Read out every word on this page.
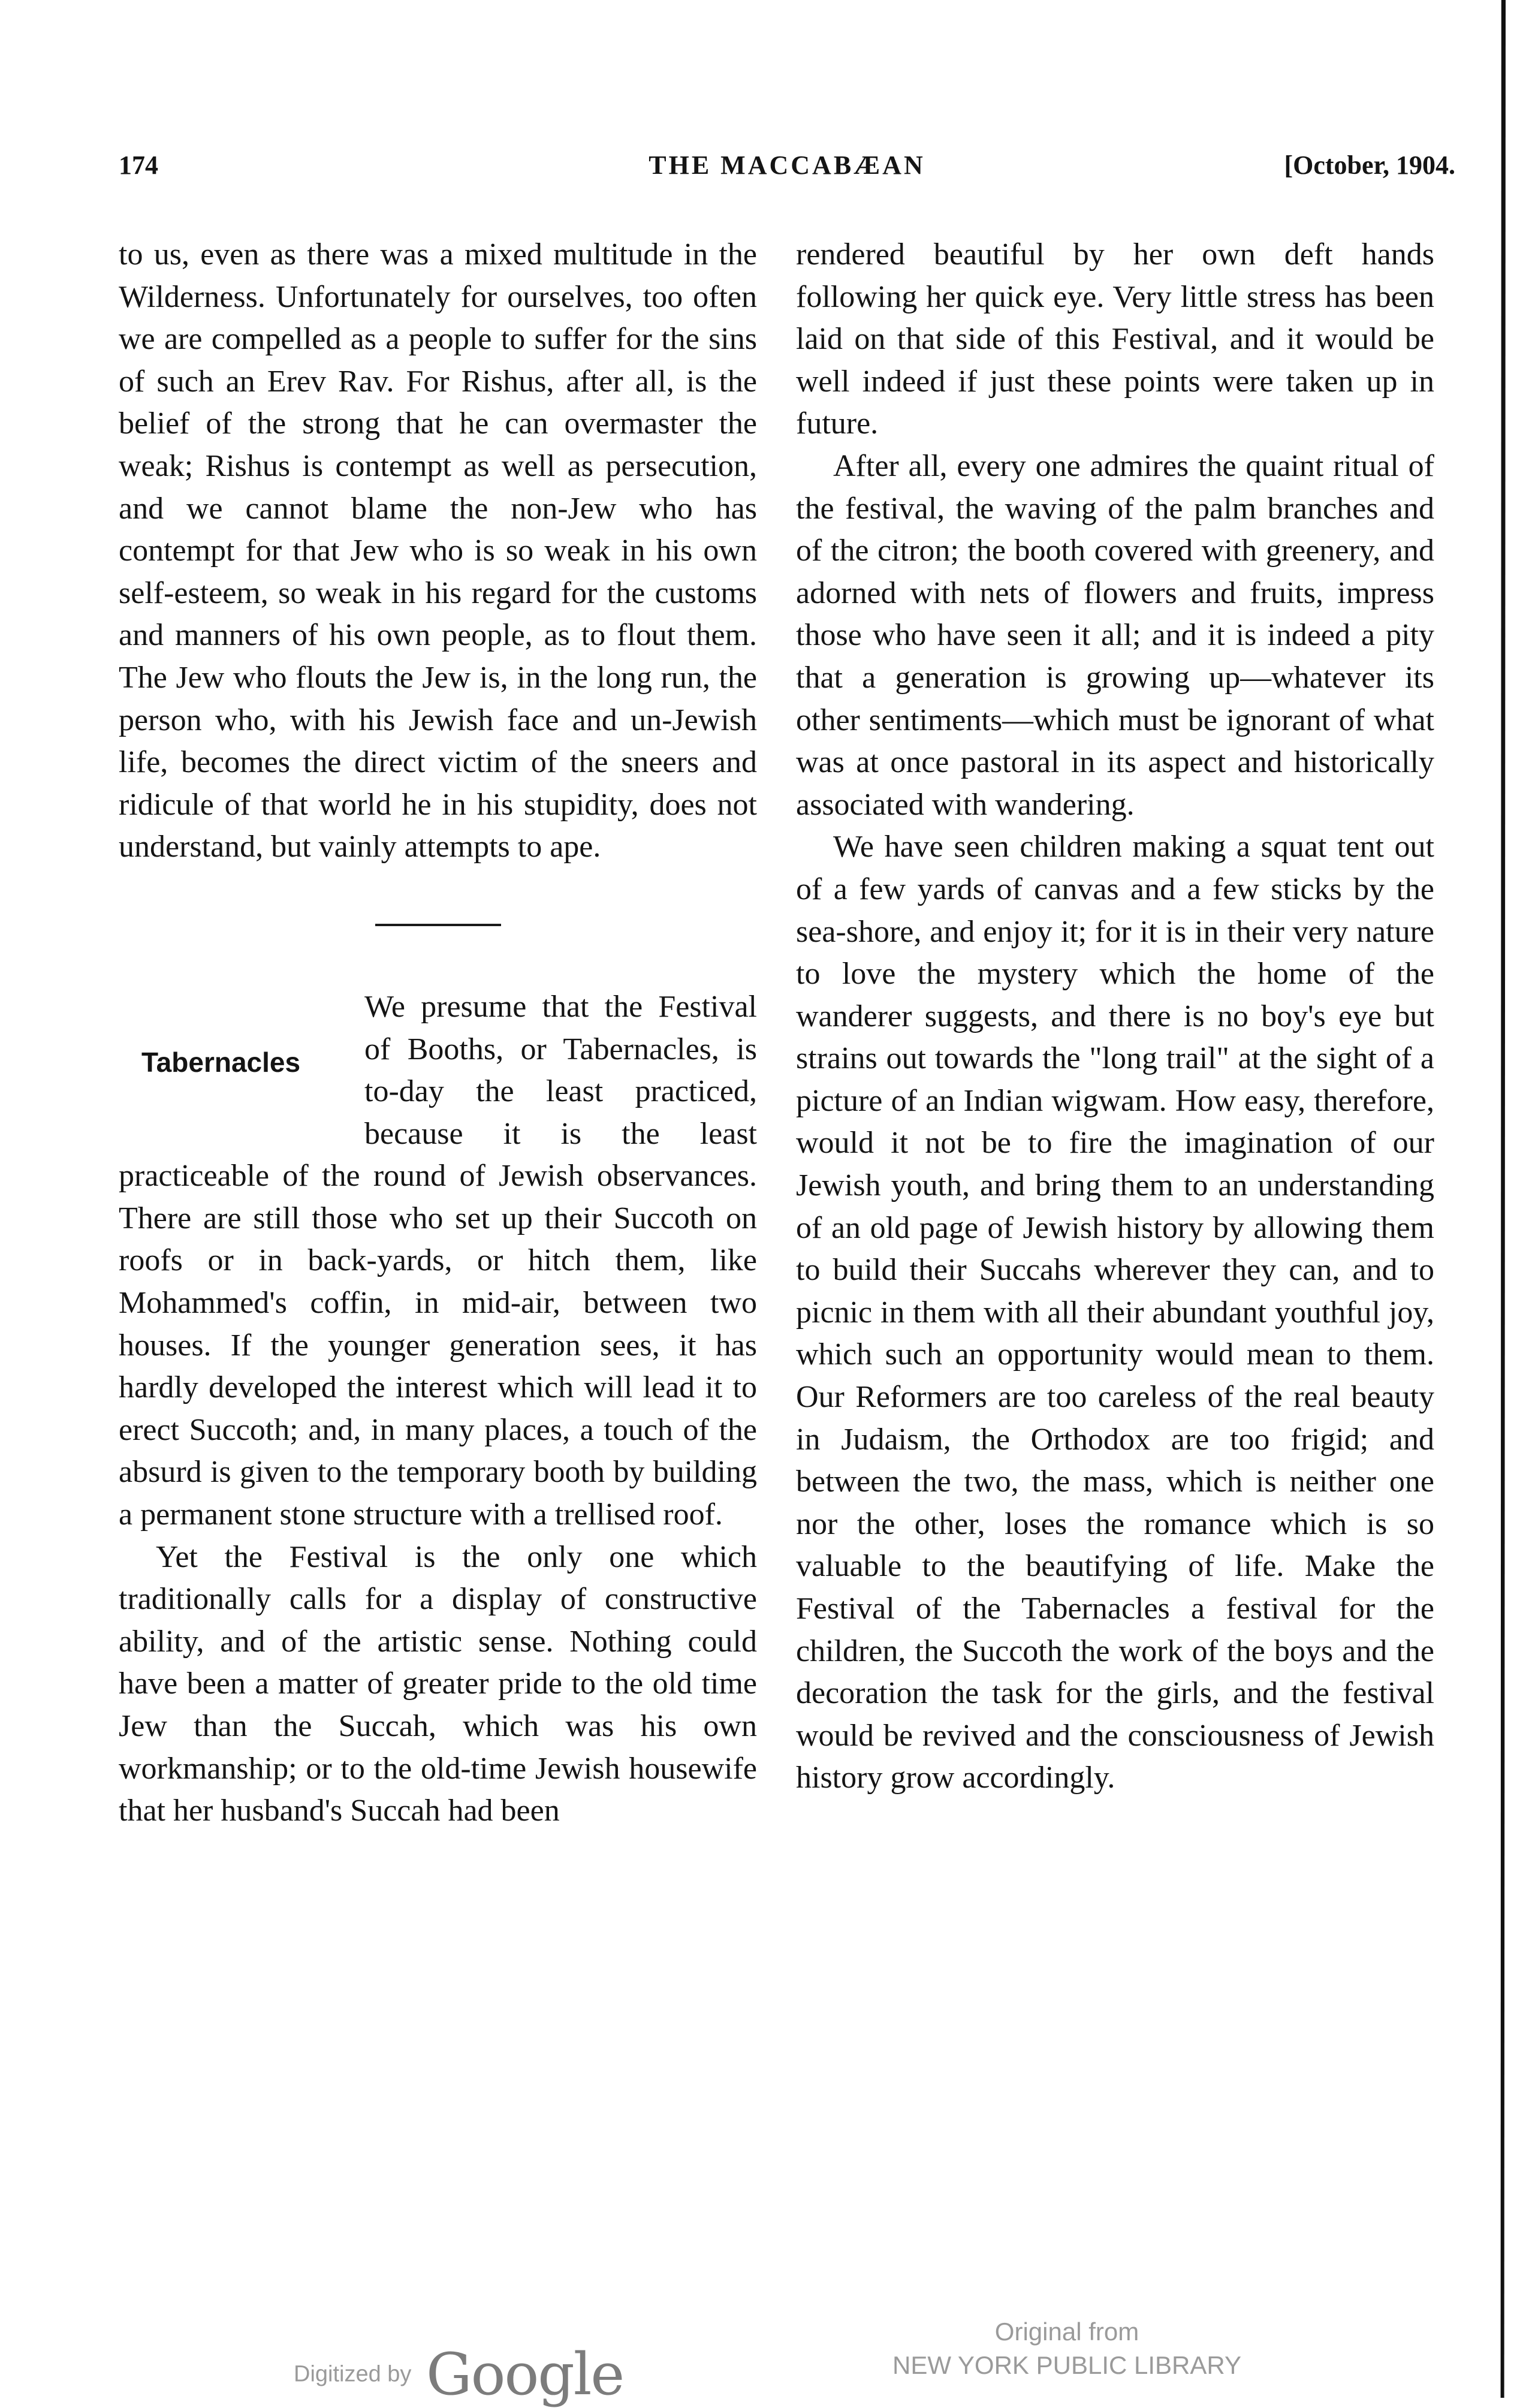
174	THE MACCABÆAN	[October, 1904.

to us, even as there was a mixed multitude in the Wilderness. Unfortunately for ourselves, too often we are compelled as a people to suffer for the sins of such an Erev Rav. For Rishus, after all, is the belief of the strong that he can overmaster the weak; Rishus is contempt as well as persecution, and we cannot blame the non-Jew who has contempt for that Jew who is so weak in his own self-esteem, so weak in his regard for the customs and manners of his own people, as to flout them. The Jew who flouts the Jew is, in the long run, the person who, with his Jewish face and un-Jewish life, becomes the direct victim of the sneers and ridicule of that world he in his stupidity, does not understand, but vainly attempts to ape.

Tabernacles

We presume that the Festival of Booths, or Tabernacles, is to-day the least practiced, because it is the least practiceable of the round of Jewish observances. There are still those who set up their Succoth on roofs or in back-yards, or hitch them, like Mohammed's coffin, in mid-air, between two houses. If the younger generation sees, it has hardly developed the interest which will lead it to erect Succoth; and, in many places, a touch of the absurd is given to the temporary booth by building a permanent stone structure with a trellised roof.

Yet the Festival is the only one which traditionally calls for a display of constructive ability, and of the artistic sense. Nothing could have been a matter of greater pride to the old time Jew than the Succah, which was his own workmanship; or to the old-time Jewish housewife that her husband's Succah had been

rendered beautiful by her own deft hands following her quick eye. Very little stress has been laid on that side of this Festival, and it would be well indeed if just these points were taken up in future.

After all, every one admires the quaint ritual of the festival, the waving of the palm branches and of the citron; the booth covered with greenery, and adorned with nets of flowers and fruits, impress those who have seen it all; and it is indeed a pity that a generation is growing up—whatever its other sentiments—which must be ignorant of what was at once pastoral in its aspect and historically associated with wandering.

We have seen children making a squat tent out of a few yards of canvas and a few sticks by the sea-shore, and enjoy it; for it is in their very nature to love the mystery which the home of the wanderer suggests, and there is no boy's eye but strains out towards the "long trail" at the sight of a picture of an Indian wigwam. How easy, therefore, would it not be to fire the imagination of our Jewish youth, and bring them to an understanding of an old page of Jewish history by allowing them to build their Succahs wherever they can, and to picnic in them with all their abundant youthful joy, which such an opportunity would mean to them. Our Reformers are too careless of the real beauty in Judaism, the Orthodox are too frigid; and between the two, the mass, which is neither one nor the other, loses the romance which is so valuable to the beautifying of life. Make the Festival of the Tabernacles a festival for the children, the Succoth the work of the boys and the decoration the task for the girls, and the festival would be revived and the consciousness of Jewish history grow accordingly.

Digitized by Google
Original from
NEW YORK PUBLIC LIBRARY
